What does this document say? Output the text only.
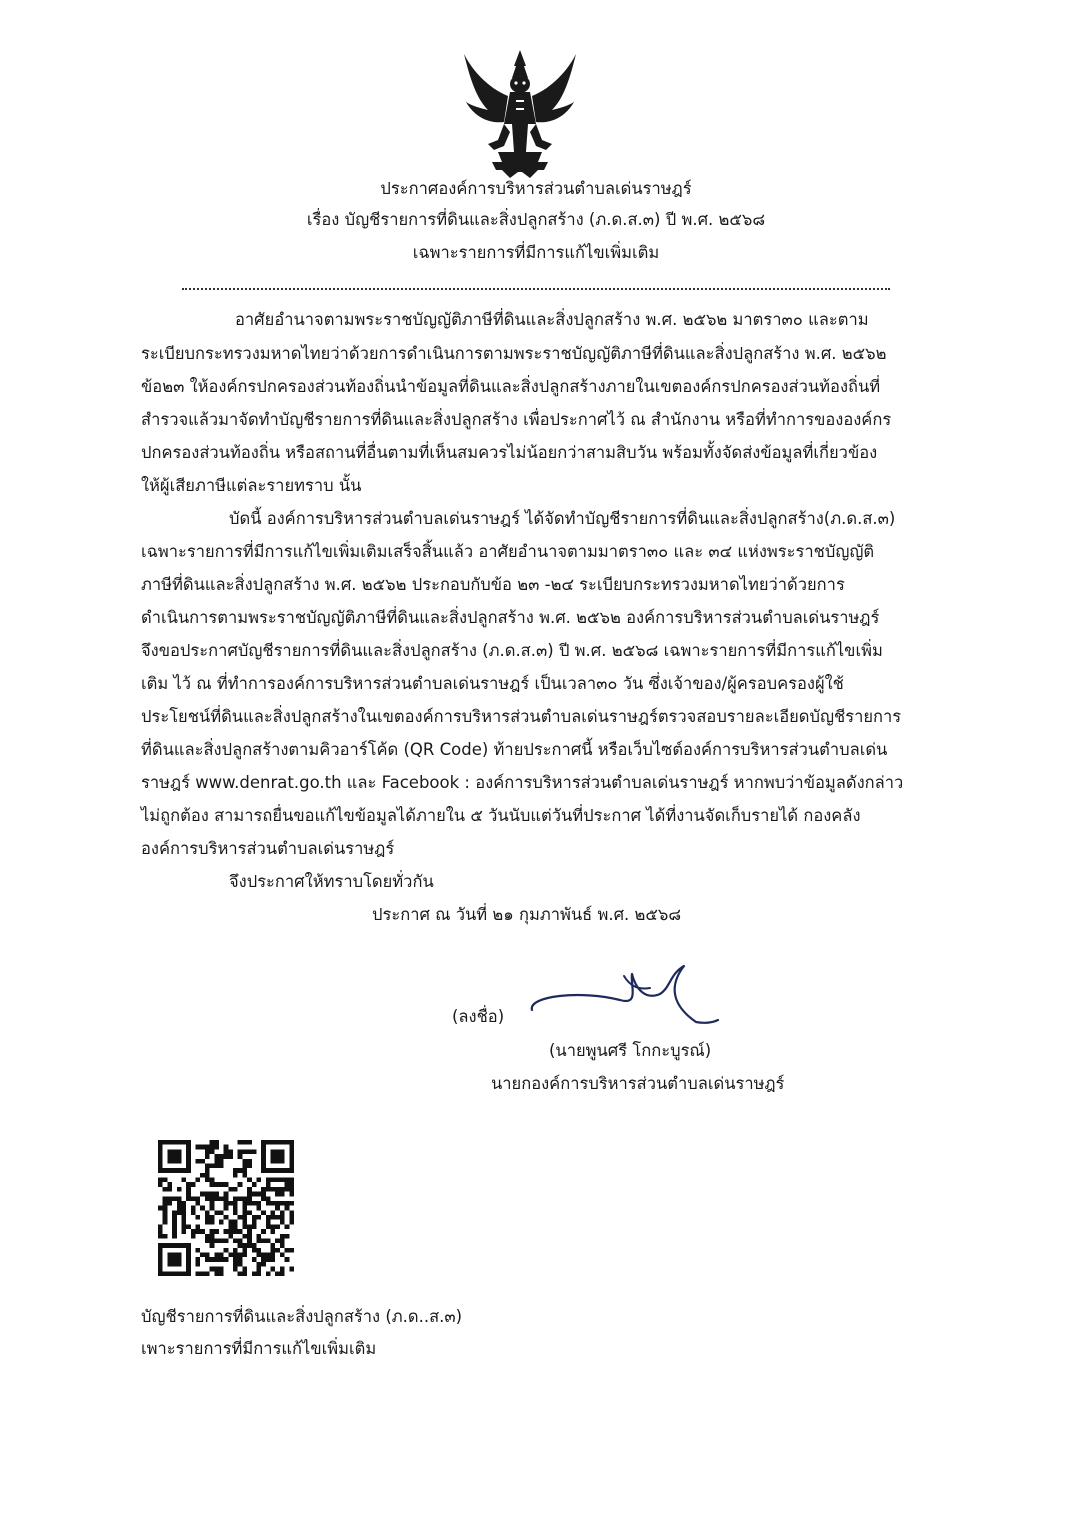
ประกาศองค์การบริหารส่วนตำบลเด่นราษฎร์
เรื่อง บัญชีรายการที่ดินและสิ่งปลูกสร้าง (ภ.ด.ส.๓) ปี พ.ศ. ๒๕๖๘
เฉพาะรายการที่มีการแก้ไขเพิ่มเติม
อาศัยอำนาจตามพระราชบัญญัติภาษีที่ดินและสิ่งปลูกสร้าง พ.ศ. ๒๕๖๒ มาตรา๓๐ และตาม
ระเบียบกระทรวงมหาดไทยว่าด้วยการดำเนินการตามพระราชบัญญัติภาษีที่ดินและสิ่งปลูกสร้าง พ.ศ. ๒๕๖๒
ข้อ๒๓ ให้องค์กรปกครองส่วนท้องถิ่นนำข้อมูลที่ดินและสิ่งปลูกสร้างภายในเขตองค์กรปกครองส่วนท้องถิ่นที่
สำรวจแล้วมาจัดทำบัญชีรายการที่ดินและสิ่งปลูกสร้าง เพื่อประกาศไว้ ณ สำนักงาน หรือที่ทำการขององค์กร
ปกครองส่วนท้องถิ่น หรือสถานที่อื่นตามที่เห็นสมควรไม่น้อยกว่าสามสิบวัน พร้อมทั้งจัดส่งข้อมูลที่เกี่ยวข้อง
ให้ผู้เสียภาษีแต่ละรายทราบ นั้น
บัดนี้ องค์การบริหารส่วนตำบลเด่นราษฎร์ ได้จัดทำบัญชีรายการที่ดินและสิ่งปลูกสร้าง(ภ.ด.ส.๓)
เฉพาะรายการที่มีการแก้ไขเพิ่มเติมเสร็จสิ้นแล้ว อาศัยอำนาจตามมาตรา๓๐ และ ๓๔ แห่งพระราชบัญญัติ
ภาษีที่ดินและสิ่งปลูกสร้าง พ.ศ. ๒๕๖๒ ประกอบกับข้อ ๒๓ -๒๔ ระเบียบกระทรวงมหาดไทยว่าด้วยการ
ดำเนินการตามพระราชบัญญัติภาษีที่ดินและสิ่งปลูกสร้าง พ.ศ. ๒๕๖๒ องค์การบริหารส่วนตำบลเด่นราษฎร์
จึงขอประกาศบัญชีรายการที่ดินและสิ่งปลูกสร้าง (ภ.ด.ส.๓) ปี พ.ศ. ๒๕๖๘ เฉพาะรายการที่มีการแก้ไขเพิ่ม
เติม ไว้ ณ ที่ทำการองค์การบริหารส่วนตำบลเด่นราษฎร์ เป็นเวลา๓๐ วัน ซึ่งเจ้าของ/ผู้ครอบครองผู้ใช้
ประโยชน์ที่ดินและสิ่งปลูกสร้างในเขตองค์การบริหารส่วนตำบลเด่นราษฎร์ตรวจสอบรายละเอียดบัญชีรายการ
ที่ดินและสิ่งปลูกสร้างตามคิวอาร์โค้ด (QR Code) ท้ายประกาศนี้ หรือเว็บไซต์องค์การบริหารส่วนตำบลเด่น
ราษฎร์ www.denrat.go.th และ Facebook : องค์การบริหารส่วนตำบลเด่นราษฎร์ หากพบว่าข้อมูลดังกล่าว
ไม่ถูกต้อง สามารถยื่นขอแก้ไขข้อมูลได้ภายใน ๕ วันนับแต่วันที่ประกาศ ได้ที่งานจัดเก็บรายได้ กองคลัง
องค์การบริหารส่วนตำบลเด่นราษฎร์
จึงประกาศให้ทราบโดยทั่วกัน
ประกาศ ณ วันที่ ๒๑ กุมภาพันธ์ พ.ศ. ๒๕๖๘
(ลงชื่อ)
(นายพูนศรี โกกะบูรณ์)
นายกองค์การบริหารส่วนตำบลเด่นราษฎร์
บัญชีรายการที่ดินและสิ่งปลูกสร้าง (ภ.ด..ส.๓)
เพาะรายการที่มีการแก้ไขเพิ่มเติม
